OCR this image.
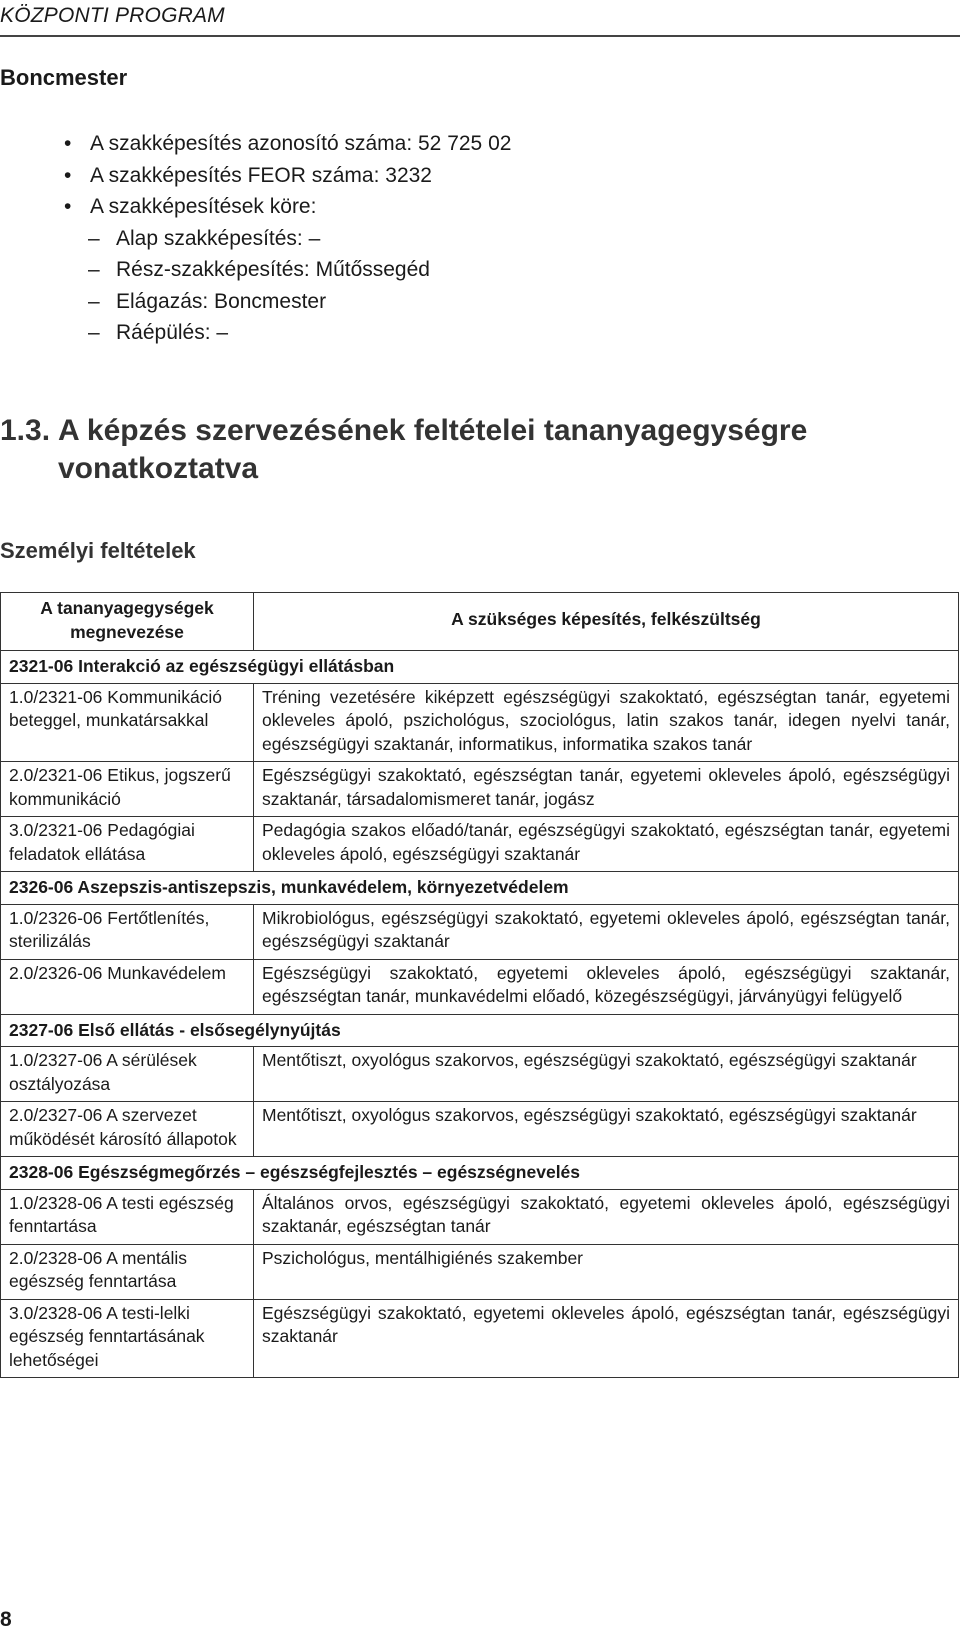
KÖZPONTI PROGRAM
Boncmester
• A szakképesítés azonosító száma: 52 725 02
• A szakképesítés FEOR száma: 3232
• A szakképesítések köre:
– Alap szakképesítés: –
– Rész-szakképesítés: Műtőssegéd
– Elágazás: Boncmester
– Ráépülés: –
1.3. A képzés szervezésének feltételei tananyagegységre
vonatkoztatva
Személyi feltételek
A tananyagegységek megnevezése	A szükséges képesítés, felkészültség
2321-06 Interakció az egészségügyi ellátásban	
1.0/2321-06 Kommunikáció beteggel, munkatársakkal	Tréning vezetésére kiképzett egészségügyi szakoktató, egészségtan tanár, egyetemi okleveles ápoló, pszichológus, szociológus, latin szakos tanár, idegen nyelvi tanár, egészségügyi szaktanár, informatikus, informatika szakos tanár
2.0/2321-06 Etikus, jogszerű kommunikáció	Egészségügyi szakoktató, egészségtan tanár, egyetemi okleveles ápoló, egészségügyi szaktanár, társadalomismeret tanár, jogász
3.0/2321-06 Pedagógiai feladatok ellátása	Pedagógia szakos előadó/tanár, egészségügyi szakoktató, egészségtan tanár, egyetemi okleveles ápoló, egészségügyi szaktanár
2326-06 Aszepszis-antiszepszis, munkavédelem, környezetvédelem	
1.0/2326-06 Fertőtlenítés, sterilizálás	Mikrobiológus, egészségügyi szakoktató, egyetemi okleveles ápoló, egészségtan tanár, egészségügyi szaktanár
2.0/2326-06 Munkavédelem	Egészségügyi szakoktató, egyetemi okleveles ápoló, egészségügyi szaktanár, egészségtan tanár, munkavédelmi előadó, közegészségügyi, járványügyi felügyelő
2327-06 Első ellátás - elsősegélynyújtás	
1.0/2327-06 A sérülések osztályozása	Mentőtiszt, oxyológus szakorvos, egészségügyi szakoktató, egészségügyi szaktanár
2.0/2327-06 A szervezet működését károsító állapotok	Mentőtiszt, oxyológus szakorvos, egészségügyi szakoktató, egészségügyi szaktanár
2328-06 Egészségmegőrzés – egészségfejlesztés – egészségnevelés	
1.0/2328-06 A testi egészség fenntartása	Általános orvos, egészségügyi szakoktató, egyetemi okleveles ápoló, egészségügyi szaktanár, egészségtan tanár
2.0/2328-06 A mentális egészség fenntartása	Pszichológus, mentálhigiénés szakember
3.0/2328-06 A testi-lelki egészség fenntartásának lehetőségei	Egészségügyi szakoktató, egyetemi okleveles ápoló, egészségtan tanár, egészségügyi szaktanár
8
